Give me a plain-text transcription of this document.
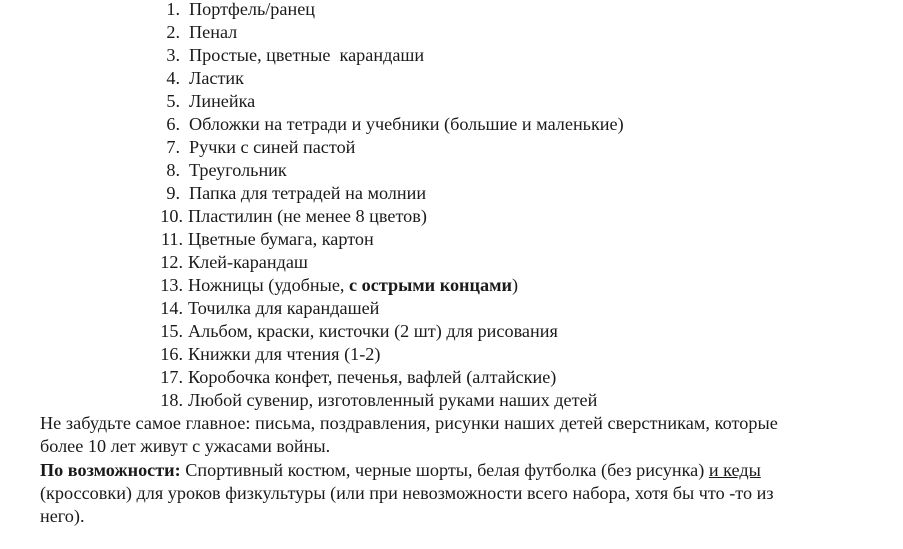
1. Портфель/ранец
2. Пенал
3. Простые, цветные  карандаши
4. Ластик
5. Линейка
6. Обложки на тетради и учебники (большие и маленькие)
7. Ручки с синей пастой
8. Треугольник
9. Папка для тетрадей на молнии
10. Пластилин (не менее 8 цветов)
11. Цветные бумага, картон
12. Клей-карандаш
13. Ножницы (удобные, с острыми концами)
14. Точилка для карандашей
15. Альбом, краски, кисточки (2 шт) для рисования
16. Книжки для чтения (1-2)
17. Коробочка конфет, печенья, вафлей (алтайские)
18. Любой сувенир, изготовленный руками наших детей
Не забудьте самое главное: письма, поздравления, рисунки наших детей сверстникам, которые
более 10 лет живут с ужасами войны.
По возможности: Спортивный костюм, черные шорты, белая футболка (без рисунка) и кеды
(кроссовки) для уроков физкультуры (или при невозможности всего набора, хотя бы что -то из
него).
